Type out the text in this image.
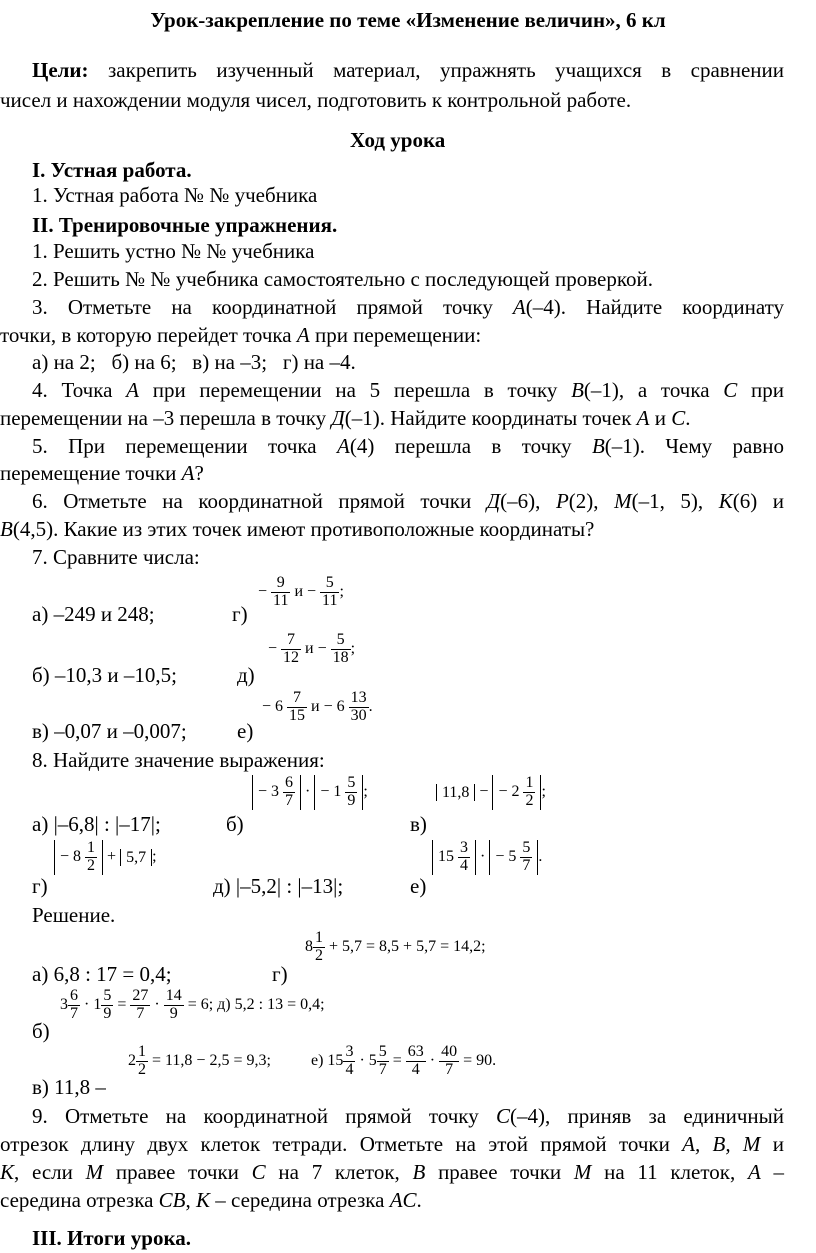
Урок-закрепление по теме «Изменение величин», 6 кл
Цели: закрепить изученный материал, упражнять учащихся в сравнении
чисел и нахождении модуля чисел, подготовить к контрольной работе.
Ход урока
I. Устная работа.
1. Устная работа № № учебника
II. Тренировочные упражнения.
1. Решить устно № № учебника
2. Решить № № учебника самостоятельно с последующей проверкой.
3. Отметьте на координатной прямой точку A(–4). Найдите координату
точки, в которую перейдет точка A при перемещении:
а) на 2;   б) на 6;   в) на –3;   г) на –4.
4. Точка A при перемещении на 5 перешла в точку B(–1), а точка C при
перемещении на –3 перешла в точку Д(–1). Найдите координаты точек A и C.
5. При перемещении точка A(4) перешла в точку B(–1). Чему равно
перемещение точки A?
6. Отметьте на координатной прямой точки Д(–6), P(2), M(–1, 5), K(6) и
B(4,5). Какие из этих точек имеют противоположные координаты?
7. Сравните числа:
а) –249 и 248;	г)
− $\frac{9}{11}$ $и - \frac{5}{11}$ ;
б) –10,3 и –10,5;	д)
− $\frac{7}{12}$ $и - \frac{5}{18}$ ;
в) –0,07 и –0,007; е)
− $6 \frac{7}{15}$ $и - 6 \frac{13}{30}$ .
8. Найдите значение выражения:
а) |–6,8| : |–17|;	б)
− $3 \frac{6}{7}$ · − $1 \frac{5}{9}$ ;
в)
11,8 − − $2 \frac{1}{2}$ ;
г)
− $8 \frac{1}{2} + 5,7$ ;
д) |–5,2| : |–13|;	е)
$15 \frac{3}{4}$ · − $5 \frac{5}{7}$ .
Решение.
а) 6,8 : 17 = 0,4;	г)
$8 \frac{1}{2} + 5,7 = 8,5 + 5,7 = 14,2$;
б)
$3 \frac{6}{7} \cdot 1 \frac{5}{9} = \frac{27}{7} \cdot \frac{14}{9} = 6$; д) 5,2 : 13 = 0,4;
в) 11,8 –
$2 \frac{1}{2} = 11,8 - 2,5 = 9,3$;	е) $15 \frac{3}{4} \cdot 5 \frac{5}{7} = \frac{63}{4} \cdot \frac{40}{7} = 90$.
9. Отметьте на координатной прямой точку C(–4), приняв за единичный
отрезок длину двух клеток тетради. Отметьте на этой прямой точки A, B, M и
K, если M правее точки C на 7 клеток, B правее точки M на 11 клеток, A –
середина отрезка CB, K – середина отрезка AC.
III. Итоги урока.
